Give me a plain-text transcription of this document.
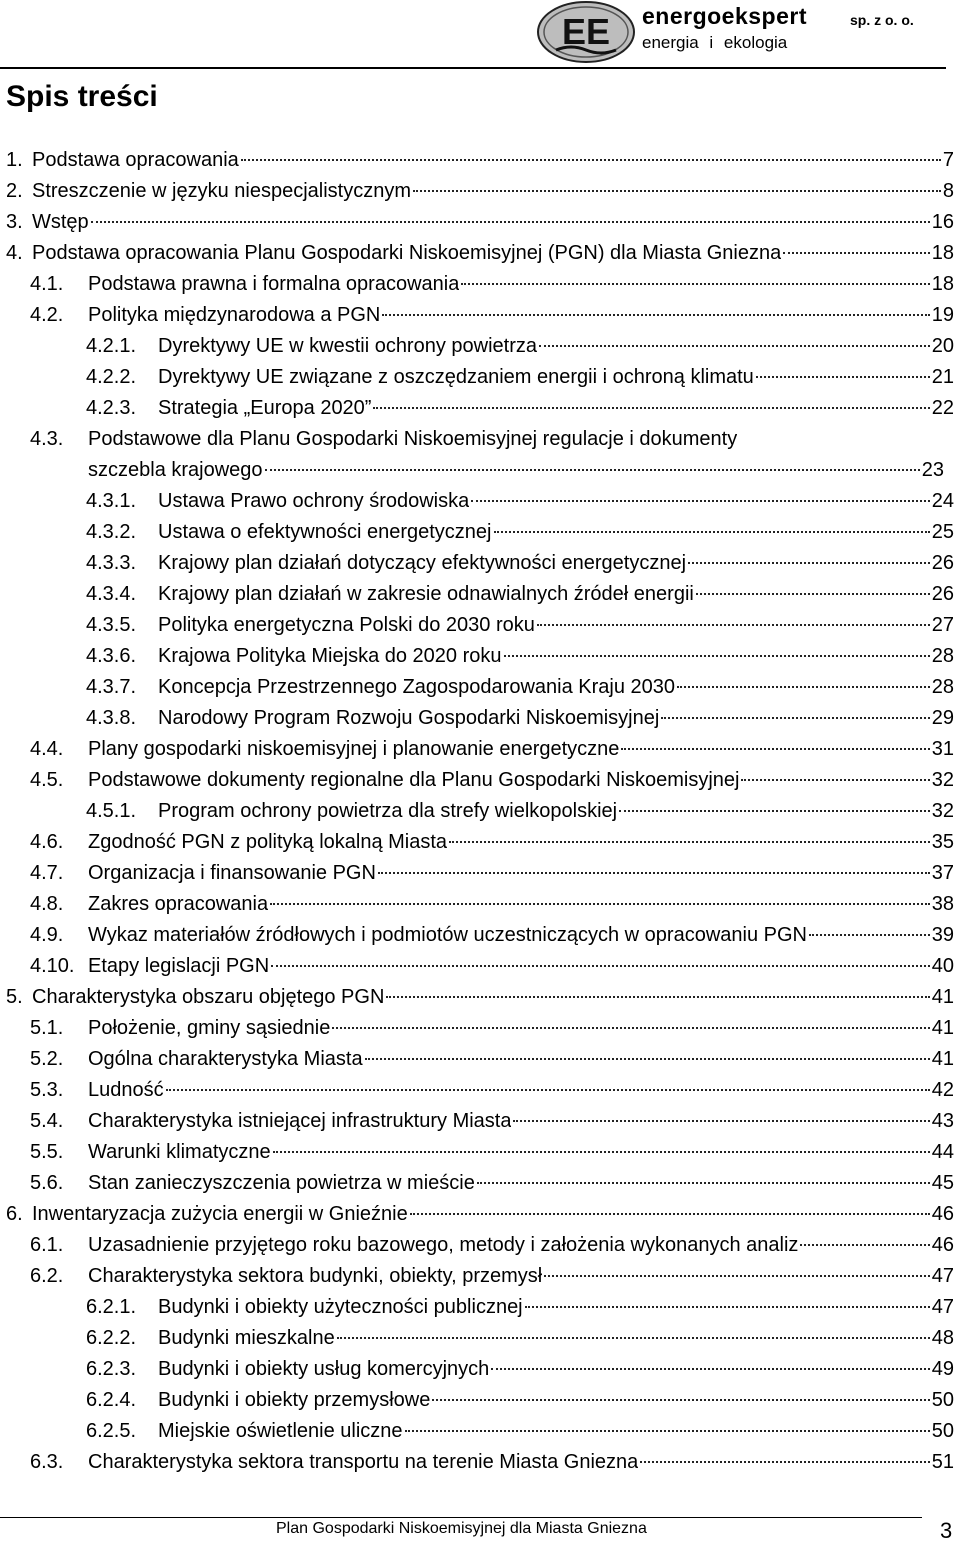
EE energoekspert
energia i ekologia
sp. z o. o.
Spis treści
1. Podstawa opracowania	7
2. Streszczenie w języku niespecjalistycznym	8
3. Wstęp	16
4. Podstawa opracowania Planu Gospodarki Niskoemisyjnej (PGN) dla Miasta Gniezna	18
4.1.	Podstawa prawna i formalna opracowania	18
4.2.	Polityka międzynarodowa a PGN	19
4.2.1.	Dyrektywy UE w kwestii ochrony powietrza	20
4.2.2.	Dyrektywy UE związane z oszczędzaniem energii i ochroną klimatu	21
4.2.3.	Strategia „Europa 2020”	22
4.3.	Podstawowe dla Planu Gospodarki Niskoemisyjnej regulacje i dokumenty
szczebla krajowego	23
4.3.1.	Ustawa Prawo ochrony środowiska	24
4.3.2.	Ustawa o efektywności energetycznej	25
4.3.3.	Krajowy plan działań dotyczący efektywności energetycznej	26
4.3.4.	Krajowy plan działań w zakresie odnawialnych źródeł energii	26
4.3.5.	Polityka energetyczna Polski do 2030 roku	27
4.3.6.	Krajowa Polityka Miejska do 2020 roku	28
4.3.7.	Koncepcja Przestrzennego Zagospodarowania Kraju 2030	28
4.3.8.	Narodowy Program Rozwoju Gospodarki Niskoemisyjnej	29
4.4.	Plany gospodarki niskoemisyjnej i planowanie energetyczne	31
4.5.	Podstawowe dokumenty regionalne dla Planu Gospodarki Niskoemisyjnej	32
4.5.1.	Program ochrony powietrza dla strefy wielkopolskiej	32
4.6.	Zgodność PGN z polityką lokalną Miasta	35
4.7.	Organizacja i finansowanie PGN	37
4.8.	Zakres opracowania	38
4.9.	Wykaz materiałów źródłowych i podmiotów uczestniczących w opracowaniu PGN	39
4.10. Etapy legislacji PGN	40
5. Charakterystyka obszaru objętego PGN	41
5.1.	Położenie, gminy sąsiednie	41
5.2.	Ogólna charakterystyka Miasta	41
5.3.	Ludność	42
5.4.	Charakterystyka istniejącej infrastruktury Miasta	43
5.5.	Warunki klimatyczne	44
5.6.	Stan zanieczyszczenia powietrza w mieście	45
6. Inwentaryzacja zużycia energii w Gnieźnie	46
6.1.	Uzasadnienie przyjętego roku bazowego, metody i założenia wykonanych analiz	46
6.2.	Charakterystyka sektora budynki, obiekty, przemysł	47
6.2.1.	Budynki i obiekty użyteczności publicznej	47
6.2.2.	Budynki mieszkalne	48
6.2.3.	Budynki i obiekty usług komercyjnych	49
6.2.4.	Budynki i obiekty przemysłowe	50
6.2.5.	Miejskie oświetlenie uliczne	50
6.3.	Charakterystyka sektora transportu na terenie Miasta Gniezna	51
Plan Gospodarki Niskoemisyjnej dla Miasta Gniezna	3
